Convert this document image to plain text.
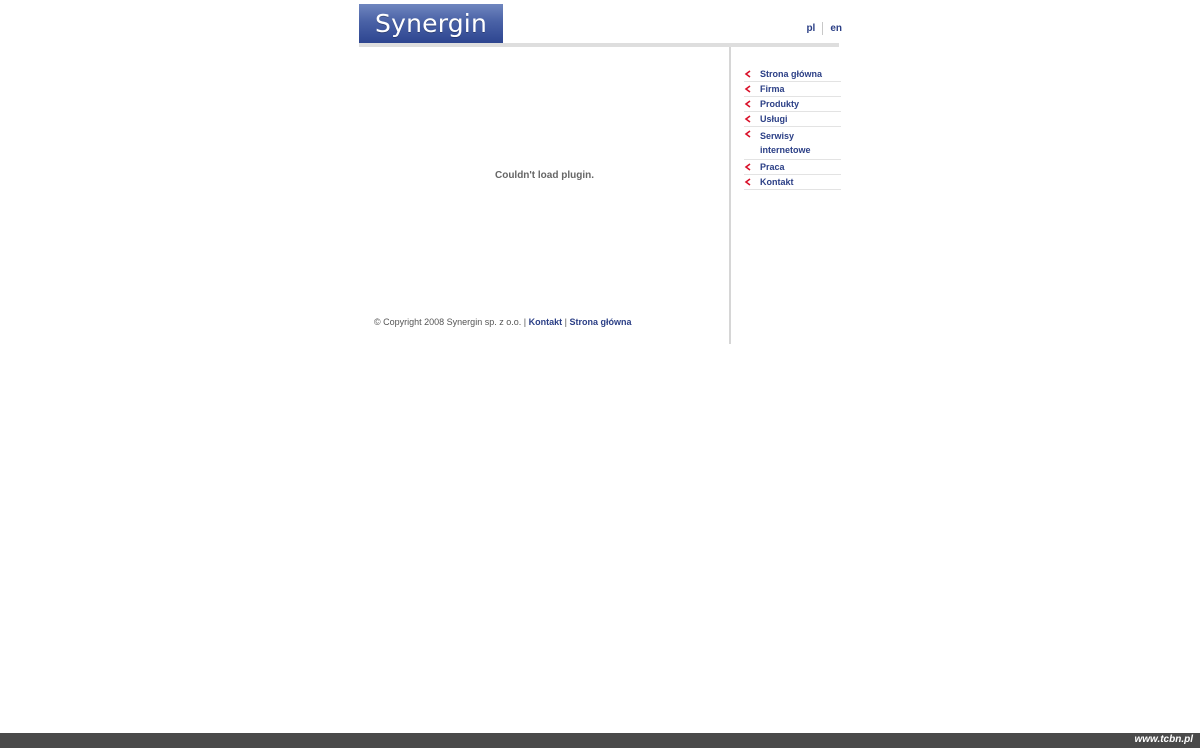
Synergin	pl en
Couldn't load plugin.
© Copyright 2008 Synergin sp. z o.o. | Kontakt | Strona główna
Strona główna
Firma
Produkty
Usługi
Serwisy internetowe
Praca
Kontakt
www.tcbn.pl
